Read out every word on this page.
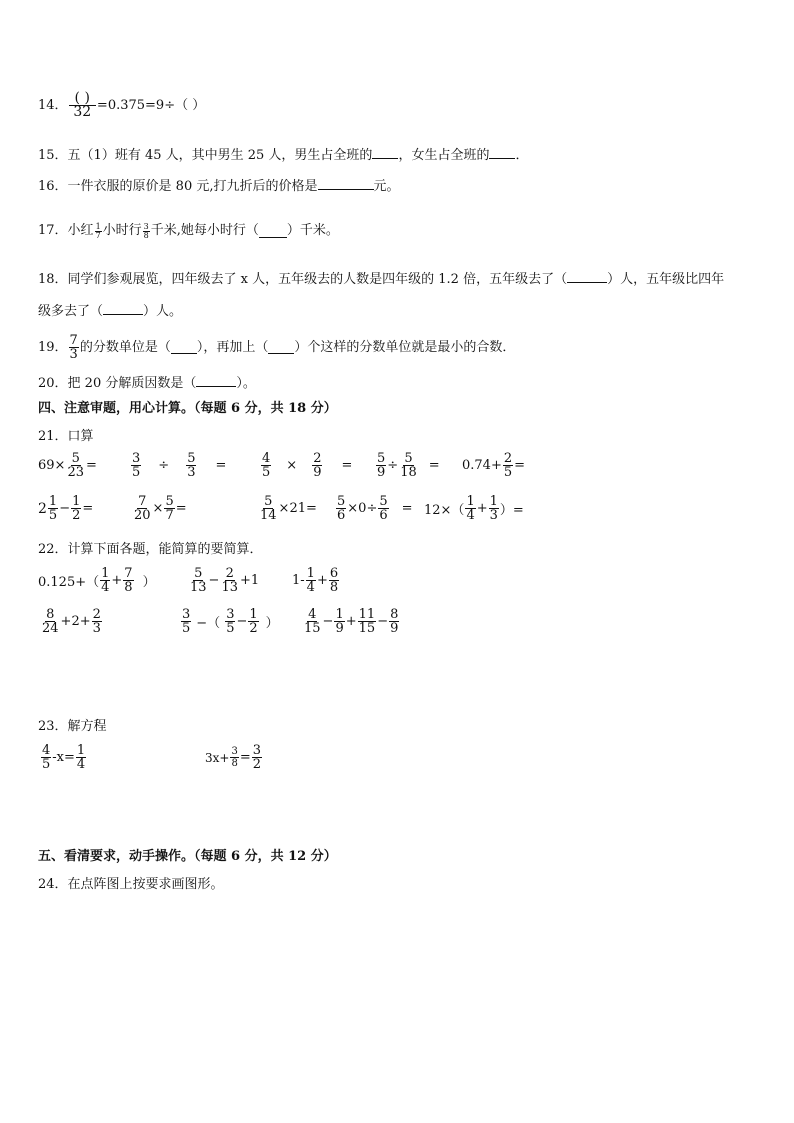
14． $\frac{( )}{32} =0.375=9\div$（ ）
15．五（1）班有 45 人，其中男生 25 人，男生占全班的 ，女生占全班的 ．
16．一件衣服的原价是 80 元,打九折后的价格是	元。
17． 小红 $\frac{1}{7}$ 小时行 $\frac{3}{8}$ 千米,她每小时行（ ）千米。
18．同学们参观展览，四年级去了 x 人，五年级去的人数是四年级的 1.2 倍，五年级去了（	）人，五年级比四年
级多去了（	）人。
19． $\frac{7}{3}$ 的分数单位是（ ），再加上（ ）个这样的分数单位就是最小的合数．
20．把 20 分解质因数是（	）。
四、注意审题，用心计算。（每题 6 分，共 18 分）
21．口算
$69\times \frac{5}{23}$ =	$\frac{3}{5} \div \frac{5}{3}$ =	$\frac{4}{5} \times \frac{2}{9} = \frac{5}{9} \div \frac{5}{18} = 0.74+ \frac{2}{5}$ =
$2 \frac{1}{5} - \frac{1}{2}$ =	$\frac{7}{20} \times \frac{5}{7}$ =	$\frac{5}{14} \times 21= \frac{5}{6} \times 0\div \frac{5}{6} = 12\times( \frac{1}{4} + \frac{1}{3}$ ）=
22．计算下面各题，能简算的要简算．
$0.125+( \frac{1}{4} + \frac{7}{8}$ ）	$\frac{5}{13} - \frac{2}{13} +1$	$1- \frac{1}{4} + \frac{6}{8}$
$\frac{8}{24} +2+ \frac{2}{3}$	$\frac{3}{5}$ −（ $\frac{3}{5} - \frac{1}{2}$ ） $\frac{4}{15} - \frac{1}{9} + \frac{11}{15} - \frac{8}{9}$
23．解方程
$\frac{4}{5} -x= \frac{1}{4}$	$3x+ \frac{3}{8} = \frac{3}{2}$
五、看清要求，动手操作。（每题 6 分，共 12 分）
24．在点阵图上按要求画图形。
